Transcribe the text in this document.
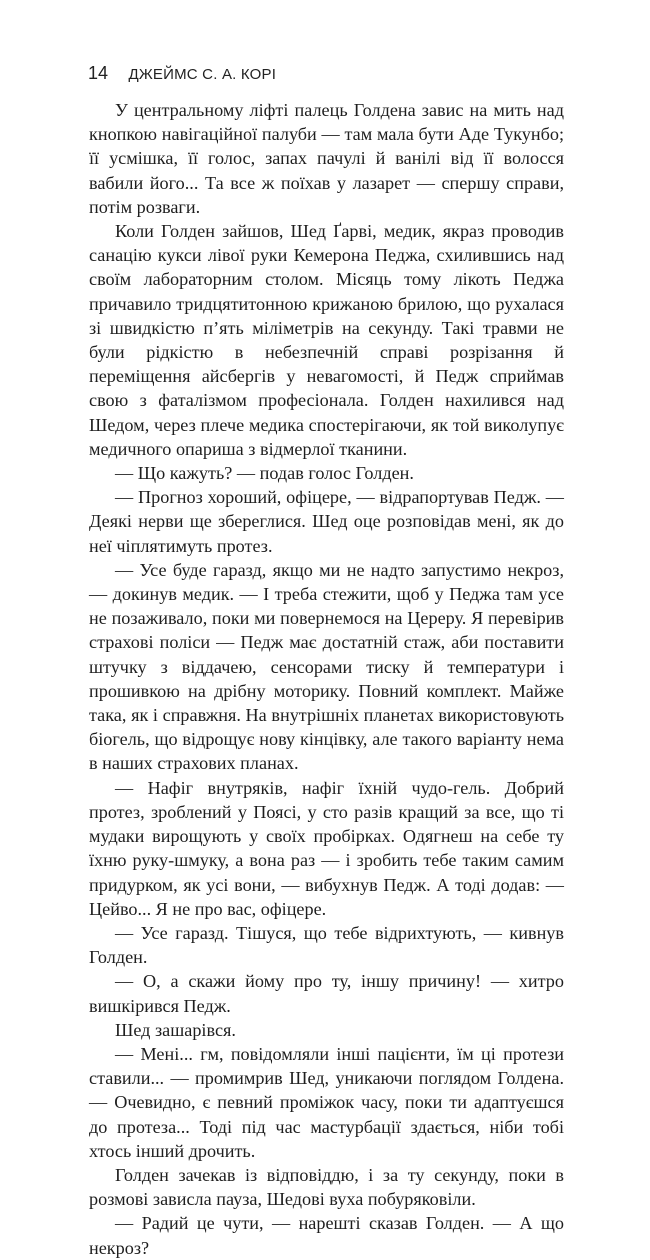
14 ДЖЕЙМС С. А. КОРІ

У центральному ліфті палець Голдена завис на мить над кнопкою навігаційної палуби — там мала бути Аде Тукунбо; її усмішка, її голос, запах пачулі й ванілі від її волосся вабили його... Та все ж поїхав у лазарет — спершу справи, потім розваги.

Коли Голден зайшов, Шед Ґарві, медик, якраз проводив санацію кукси лівої руки Кемерона Педжа, схилившись над своїм лабораторним столом. Місяць тому лікоть Педжа причавило тридцятитонною крижаною брилою, що рухалася зі швидкістю п’ять міліметрів на секунду. Такі травми не були рідкістю в небезпечній справі розрізання й переміщення айсбергів у невагомості, й Педж сприймав свою з фаталізмом професіонала. Голден нахилився над Шедом, через плече медика спостерігаючи, як той виколупує медичного опариша з відмерлої тканини.

— Що кажуть? — подав голос Голден.

— Прогноз хороший, офіцере, — відрапортував Педж. — Деякі нерви ще збереглися. Шед оце розповідав мені, як до неї чіплятимуть протез.

— Усе буде гаразд, якщо ми не надто запустимо некроз, — докинув медик. — І треба стежити, щоб у Педжа там усе не позаживало, поки ми повернемося на Цереру. Я перевірив страхові поліси — Педж має достатній стаж, аби поставити штучку з віддачею, сенсорами тиску й температури і прошивкою на дрібну моторику. Повний комплект. Майже така, як і справжня. На внутрішніх планетах використовують біогель, що відрощує нову кінцівку, але такого варіанту нема в наших страхових планах.

— Нафіг внутряків, нафіг їхній чудо-гель. Добрий протез, зроблений у Поясі, у сто разів кращий за все, що ті мудаки вирощують у своїх пробірках. Одягнеш на себе ту їхню руку-шмуку, а вона раз — і зробить тебе таким самим придурком, як усі вони, — вибухнув Педж. А тоді додав: — Цейво... Я не про вас, офіцере.

— Усе гаразд. Тішуся, що тебе відрихтують, — кивнув Голден.

— О, а скажи йому про ту, іншу причину! — хитро вишкірився Педж.

Шед зашарівся.

— Мені... гм, повідомляли інші пацієнти, їм ці протези ставили... — промимрив Шед, уникаючи поглядом Голдена. — Очевидно, є певний проміжок часу, поки ти адаптуєшся до протеза... Тоді під час мастурбації здається, ніби тобі хтось інший дрочить.

Голден зачекав із відповіддю, і за ту секунду, поки в розмові зависла пауза, Шедові вуха побуряковіли.

— Радий це чути, — нарешті сказав Голден. — А що некроз?
